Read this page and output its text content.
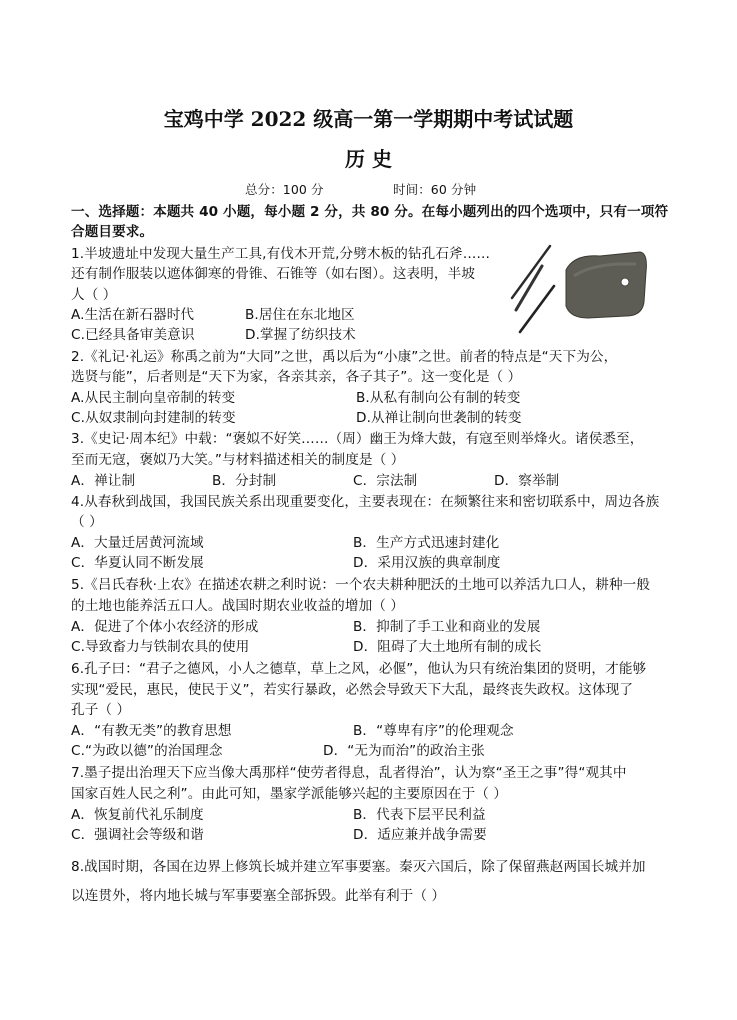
宝鸡中学 2022 级高一第一学期期中考试试题
历 史
总分：100 分	时间：60 分钟
一、选择题：本题共 40 小题，每小题 2 分，共 80 分。在每小题列出的四个选项中，只有一项符
合题目要求。
1.半坡遗址中发现大量生产工具,有伐木开荒,分劈木板的钻孔石斧……
还有制作服装以遮体御寒的骨锥、石锥等（如右图）。这表明，半坡
人（ ）
A.生活在新石器时代	B.居住在东北地区
C.已经具备审美意识	D.掌握了纺织技术
2.《礼记·礼运》称禹之前为“大同”之世，禹以后为“小康”之世。前者的特点是“天下为公，
选贤与能”，后者则是“天下为家，各亲其亲，各子其子”。这一变化是（ ）
A.从民主制向皇帝制的转变	B.从私有制向公有制的转变
C.从奴隶制向封建制的转变	D.从禅让制向世袭制的转变
3.《史记·周本纪》中载：“褒姒不好笑……（周）幽王为烽大鼓，有寇至则举烽火。诸侯悉至，
至而无寇，褒姒乃大笑。”与材料描述相关的制度是（ ）
A．禅让制	B．分封制	C．宗法制	D．察举制
4.从春秋到战国，我国民族关系出现重要变化，主要表现在：在频繁往来和密切联系中，周边各族
（ ）
A．大量迁居黄河流域	B．生产方式迅速封建化
C．华夏认同不断发展	D．采用汉族的典章制度
5.《吕氏春秋·上农》在描述农耕之利时说：一个农夫耕种肥沃的土地可以养活九口人，耕种一般
的土地也能养活五口人。战国时期农业收益的增加（ ）
A．促进了个体小农经济的形成	B．抑制了手工业和商业的发展
C.导致畜力与铁制农具的使用	D．阻碍了大土地所有制的成长
6.孔子曰：“君子之德风，小人之德草，草上之风，必偃”，他认为只有统治集团的贤明，才能够
实现“爱民，惠民，使民于义”，若实行暴政，必然会导致天下大乱，最终丧失政权。这体现了
孔子（ ）
A．“有教无类”的教育思想	B．“尊卑有序”的伦理观念
C.“为政以德”的治国理念	D．“无为而治”的政治主张
7.墨子提出治理天下应当像大禹那样“使劳者得息，乱者得治”，认为察“圣王之事”得“观其中
国家百姓人民之利”。由此可知，墨家学派能够兴起的主要原因在于（ ）
A．恢复前代礼乐制度	B．代表下层平民利益
C．强调社会等级和谐	D．适应兼并战争需要
8.战国时期，各国在边界上修筑长城并建立军事要塞。秦灭六国后，除了保留燕赵两国长城并加
以连贯外，将内地长城与军事要塞全部拆毁。此举有利于（ ）
